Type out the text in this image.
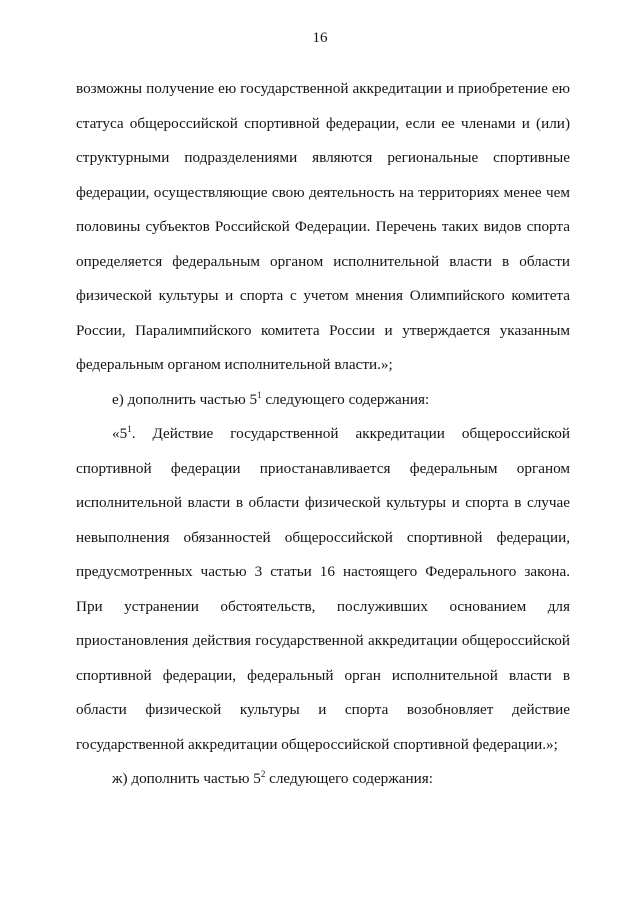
16
возможны получение ею государственной аккредитации и приобретение ею
статуса общероссийской спортивной федерации, если ее членами и (или)
структурными подразделениями являются региональные спортивные
федерации, осуществляющие свою деятельность на территориях менее чем
половины субъектов Российской Федерации. Перечень таких видов спорта
определяется федеральным органом исполнительной власти в области
физической культуры и спорта с учетом мнения Олимпийского комитета
России, Паралимпийского комитета России и утверждается указанным
федеральным органом исполнительной власти.»;
е) дополнить частью $5^1$ следующего содержания:
«$5^1$. Действие государственной аккредитации общероссийской
спортивной федерации приостанавливается федеральным органом
исполнительной власти в области физической культуры и спорта в случае
невыполнения обязанностей общероссийской спортивной федерации,
предусмотренных частью 3 статьи 16 настоящего Федерального закона.
При устранении обстоятельств, послуживших основанием для
приостановления действия государственной аккредитации общероссийской
спортивной федерации, федеральный орган исполнительной власти в
области физической культуры и спорта возобновляет действие
государственной аккредитации общероссийской спортивной федерации.»;
ж) дополнить частью $5^2$ следующего содержания:
